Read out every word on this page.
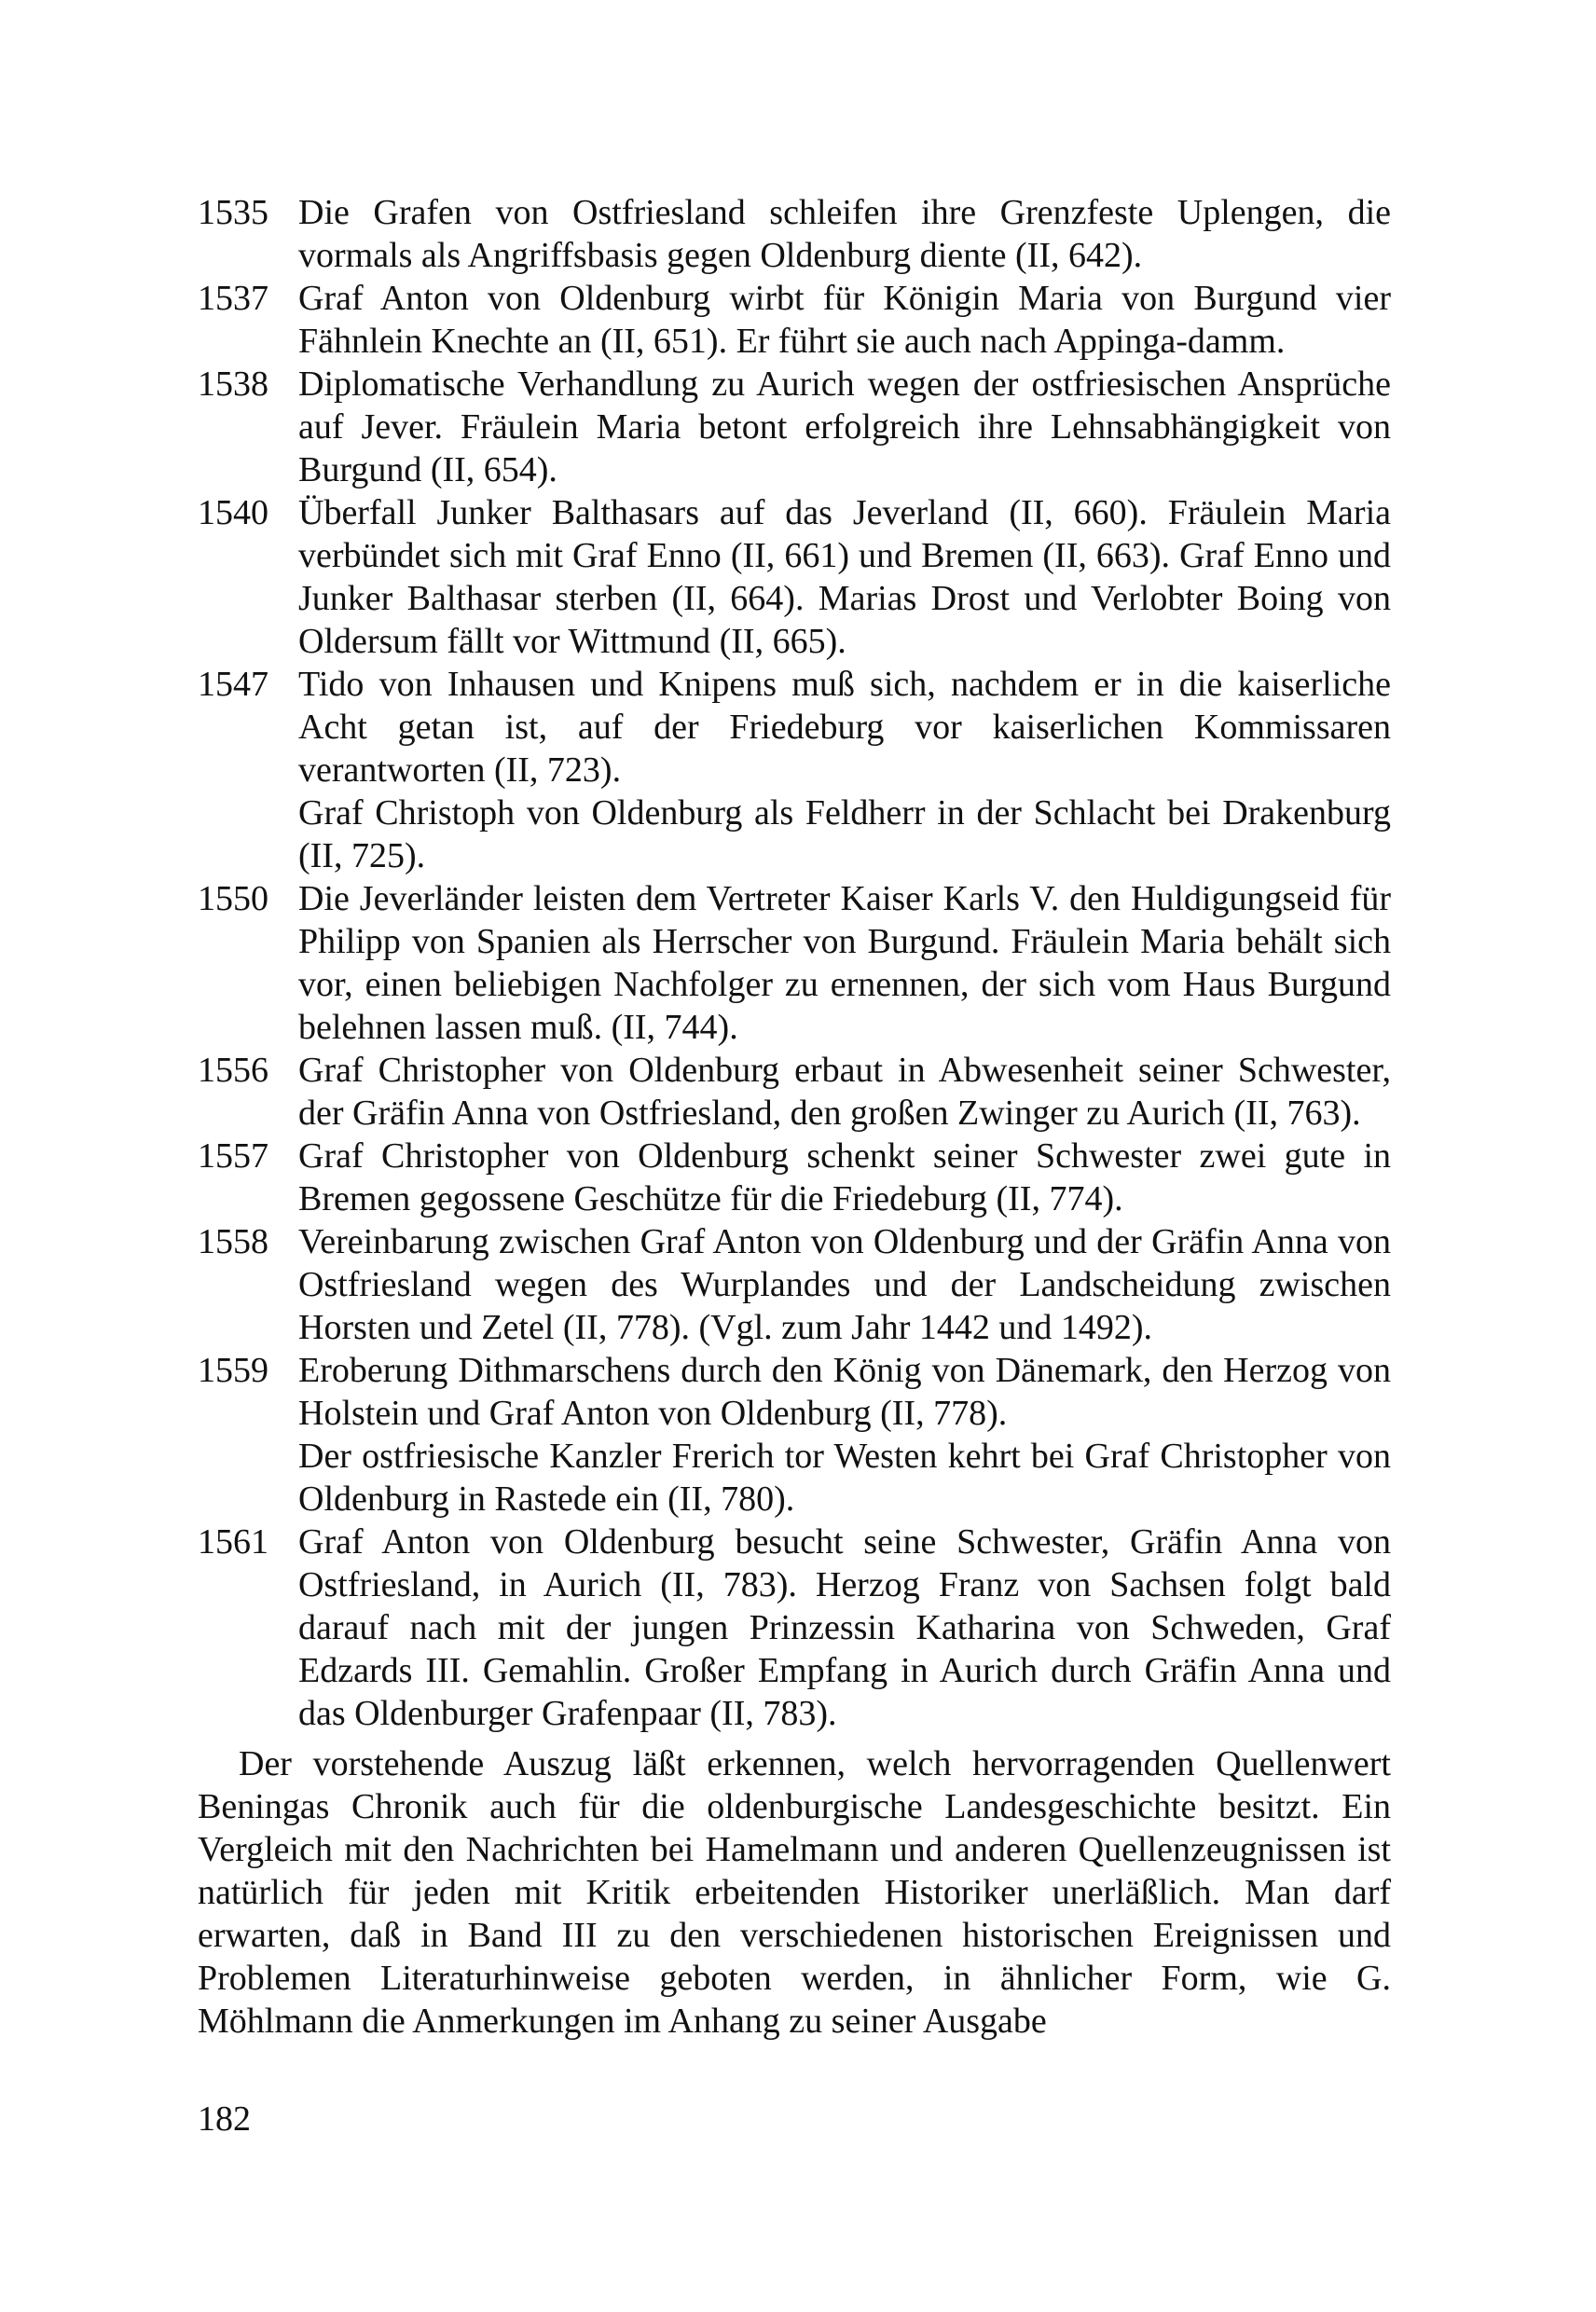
1535 Die Grafen von Ostfriesland schleifen ihre Grenzfeste Uplengen, die vormals als Angriffsbasis gegen Oldenburg diente (II, 642).

1537 Graf Anton von Oldenburg wirbt für Königin Maria von Burgund vier Fähnlein Knechte an (II, 651). Er führt sie auch nach Appinga-damm.

1538 Diplomatische Verhandlung zu Aurich wegen der ostfriesischen Ansprüche auf Jever. Fräulein Maria betont erfolgreich ihre Lehnsabhängigkeit von Burgund (II, 654).

1540 Überfall Junker Balthasars auf das Jeverland (II, 660). Fräulein Maria verbündet sich mit Graf Enno (II, 661) und Bremen (II, 663). Graf Enno und Junker Balthasar sterben (II, 664). Marias Drost und Verlobter Boing von Oldersum fällt vor Wittmund (II, 665).

1547 Tido von Inhausen und Knipens muß sich, nachdem er in die kaiserliche Acht getan ist, auf der Friedeburg vor kaiserlichen Kommissaren verantworten (II, 723).

Graf Christoph von Oldenburg als Feldherr in der Schlacht bei Drakenburg (II, 725).

1550 Die Jeverländer leisten dem Vertreter Kaiser Karls V. den Huldigungseid für Philipp von Spanien als Herrscher von Burgund. Fräulein Maria behält sich vor, einen beliebigen Nachfolger zu ernennen, der sich vom Haus Burgund belehnen lassen muß. (II, 744).

1556 Graf Christopher von Oldenburg erbaut in Abwesenheit seiner Schwester, der Gräfin Anna von Ostfriesland, den großen Zwinger zu Aurich (II, 763).

1557 Graf Christopher von Oldenburg schenkt seiner Schwester zwei gute in Bremen gegossene Geschütze für die Friedeburg (II, 774).

1558 Vereinbarung zwischen Graf Anton von Oldenburg und der Gräfin Anna von Ostfriesland wegen des Wurplandes und der Landscheidung zwischen Horsten und Zetel (II, 778). (Vgl. zum Jahr 1442 und 1492).

1559 Eroberung Dithmarschens durch den König von Dänemark, den Herzog von Holstein und Graf Anton von Oldenburg (II, 778).

Der ostfriesische Kanzler Frerich tor Westen kehrt bei Graf Christopher von Oldenburg in Rastede ein (II, 780).

1561 Graf Anton von Oldenburg besucht seine Schwester, Gräfin Anna von Ostfriesland, in Aurich (II, 783). Herzog Franz von Sachsen folgt bald darauf nach mit der jungen Prinzessin Katharina von Schweden, Graf Edzards III. Gemahlin. Großer Empfang in Aurich durch Gräfin Anna und das Oldenburger Grafenpaar (II, 783).

Der vorstehende Auszug läßt erkennen, welch hervorragenden Quellenwert Beningas Chronik auch für die oldenburgische Landesgeschichte besitzt. Ein Vergleich mit den Nachrichten bei Hamelmann und anderen Quellenzeugnissen ist natürlich für jeden mit Kritik erbeitenden Historiker unerläßlich. Man darf erwarten, daß in Band III zu den verschiedenen historischen Ereignissen und Problemen Literaturhinweise geboten werden, in ähnlicher Form, wie G. Möhlmann die Anmerkungen im Anhang zu seiner Ausgabe

182
